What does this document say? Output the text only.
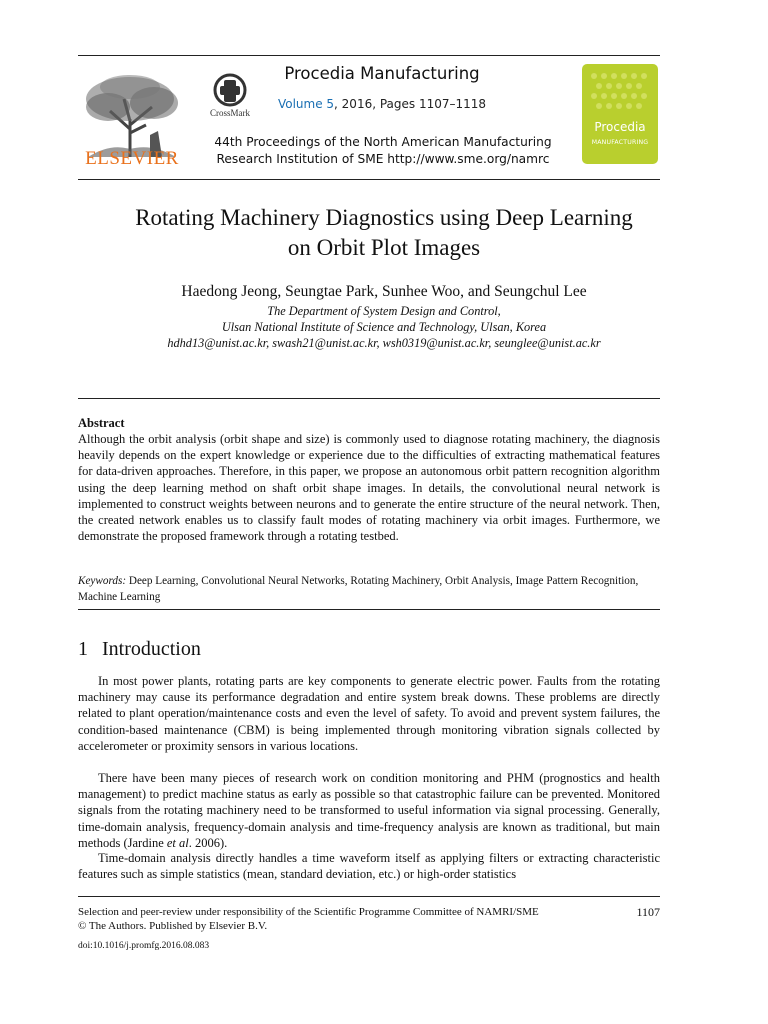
ELSEVIER
CrossMark
Procedia Manufacturing
Volume 5, 2016, Pages 1107–1118
44th Proceedings of the North American Manufacturing
Research Institution of SME http://www.sme.org/namrc
Procedia
MANUFACTURING
Rotating Machinery Diagnostics using Deep Learning
on Orbit Plot Images
Haedong Jeong, Seungtae Park, Sunhee Woo, and Seungchul Lee
The Department of System Design and Control,
Ulsan National Institute of Science and Technology, Ulsan, Korea
hdhd13@unist.ac.kr, swash21@unist.ac.kr, wsh0319@unist.ac.kr, seunglee@unist.ac.kr
Abstract

Although the orbit analysis (orbit shape and size) is commonly used to diagnose rotating machinery, the diagnosis heavily depends on the expert knowledge or experience due to the difficulties of extracting mathematical features for data-driven approaches. Therefore, in this paper, we propose an autonomous orbit pattern recognition algorithm using the deep learning method on shaft orbit shape images. In details, the convolutional neural network is implemented to construct weights between neurons and to generate the entire structure of the neural network. Then, the created network enables us to classify fault modes of rotating machinery via orbit images. Furthermore, we demonstrate the proposed framework through a rotating testbed.

Keywords: Deep Learning, Convolutional Neural Networks, Rotating Machinery, Orbit Analysis, Image Pattern Recognition, Machine Learning
1 Introduction

In most power plants, rotating parts are key components to generate electric power. Faults from the rotating machinery may cause its performance degradation and entire system break downs. These problems are directly related to plant operation/maintenance costs and even the level of safety. To avoid and prevent system failures, the condition-based maintenance (CBM) is being implemented through monitoring vibration signals collected by accelerometer or proximity sensors in various locations.

There have been many pieces of research work on condition monitoring and PHM (prognostics and health management) to predict machine status as early as possible so that catastrophic failure can be prevented. Monitored signals from the rotating machinery need to be transformed to useful information via signal processing. Generally, time-domain analysis, frequency-domain analysis and time-frequency analysis are known as traditional, but main methods (Jardine et al. 2006).

Time-domain analysis directly handles a time waveform itself as applying filters or extracting characteristic features such as simple statistics (mean, standard deviation, etc.) or high-order statistics

Selection and peer-review under responsibility of the Scientific Programme Committee of NAMRI/SME
© The Authors. Published by Elsevier B.V.
1107
doi:10.1016/j.promfg.2016.08.083
